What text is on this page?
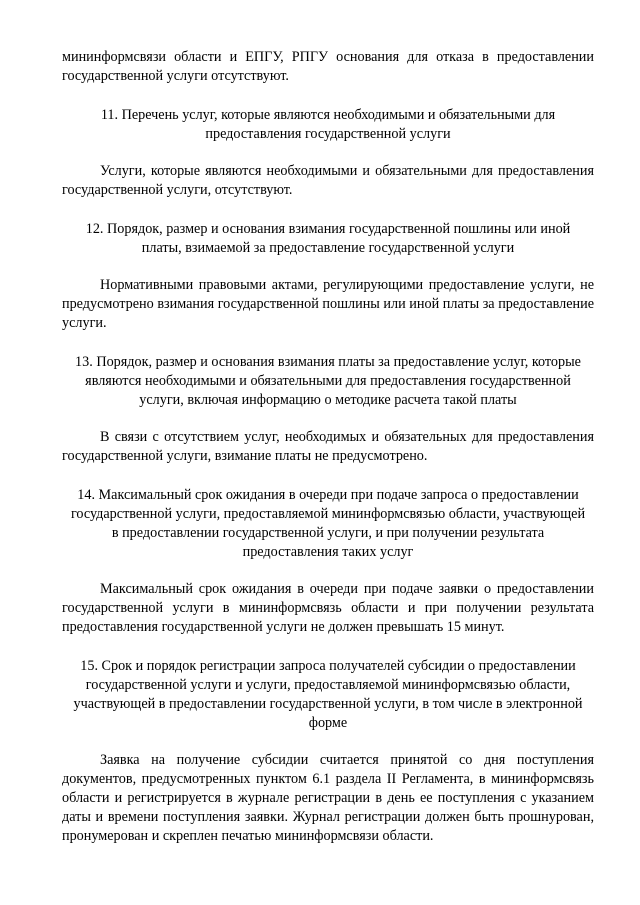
мининформсвязи области и ЕПГУ, РПГУ основания для отказа в предоставлении государственной услуги отсутствуют.

11. Перечень услуг, которые являются необходимыми и обязательными для предоставления государственной услуги

Услуги, которые являются необходимыми и обязательными для предоставления государственной услуги, отсутствуют.

12. Порядок, размер и основания взимания государственной пошлины или иной платы, взимаемой за предоставление государственной услуги

Нормативными правовыми актами, регулирующими предоставление услуги, не предусмотрено взимания государственной пошлины или иной платы за предоставление услуги.

13. Порядок, размер и основания взимания платы за предоставление услуг, которые являются необходимыми и обязательными для предоставления государственной услуги, включая информацию о методике расчета такой платы

В связи с отсутствием услуг, необходимых и обязательных для предоставления государственной услуги, взимание платы не предусмотрено.

14. Максимальный срок ожидания в очереди при подаче запроса о предоставлении государственной услуги, предоставляемой мининформсвязью области, участвующей в предоставлении государственной услуги, и при получении результата предоставления таких услуг

Максимальный срок ожидания в очереди при подаче заявки о предоставлении государственной услуги в мининформсвязь области и при получении результата предоставления государственной услуги не должен превышать 15 минут.

15. Срок и порядок регистрации запроса получателей субсидии о предоставлении государственной услуги и услуги, предоставляемой мининформсвязью области, участвующей в предоставлении государственной услуги, в том числе в электронной форме

Заявка на получение субсидии считается принятой со дня поступления документов, предусмотренных пунктом 6.1 раздела II Регламента, в мининформсвязь области и регистрируется в журнале регистрации в день ее поступления с указанием даты и времени поступления заявки. Журнал регистрации должен быть прошнурован, пронумерован и скреплен печатью мининформсвязи области.
